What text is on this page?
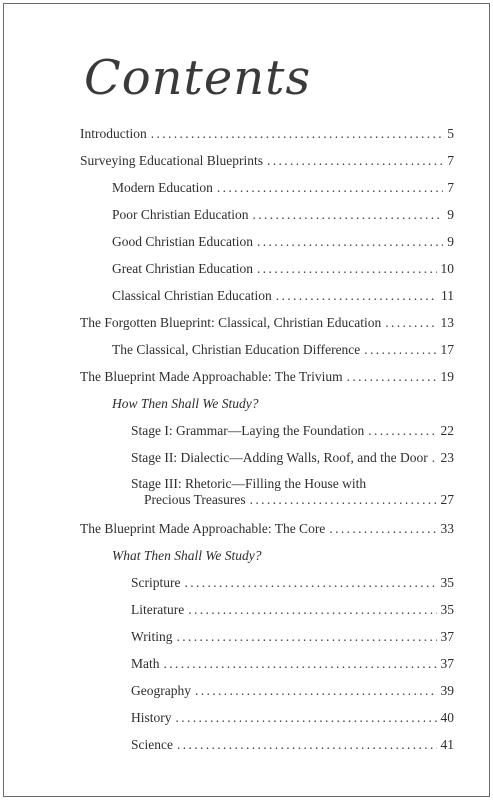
Contents
Introduction . . .	5
Surveying Educational Blueprints . . .	7
Modern Education . . .	7
Poor Christian Education . . .	9
Good Christian Education . . .	9
Great Christian Education . . .	10
Classical Christian Education . . .	11
The Forgotten Blueprint: Classical, Christian Education . . .	13
The Classical, Christian Education Difference . . .	17
The Blueprint Made Approachable: The Trivium . . .	19
How Then Shall We Study?
Stage I: Grammar—Laying the Foundation . . .	22
Stage II: Dialectic—Adding Walls, Roof, and the Door . . . 23
Stage III: Rhetoric—Filling the House with
Precious Treasures . . .	27
The Blueprint Made Approachable: The Core . . .	33
What Then Shall We Study?
Scripture . . .	35
Literature . . .	35
Writing . . .	37
Math . . .	37
Geography . . .	39
History . . .	40
Science . . .	41
